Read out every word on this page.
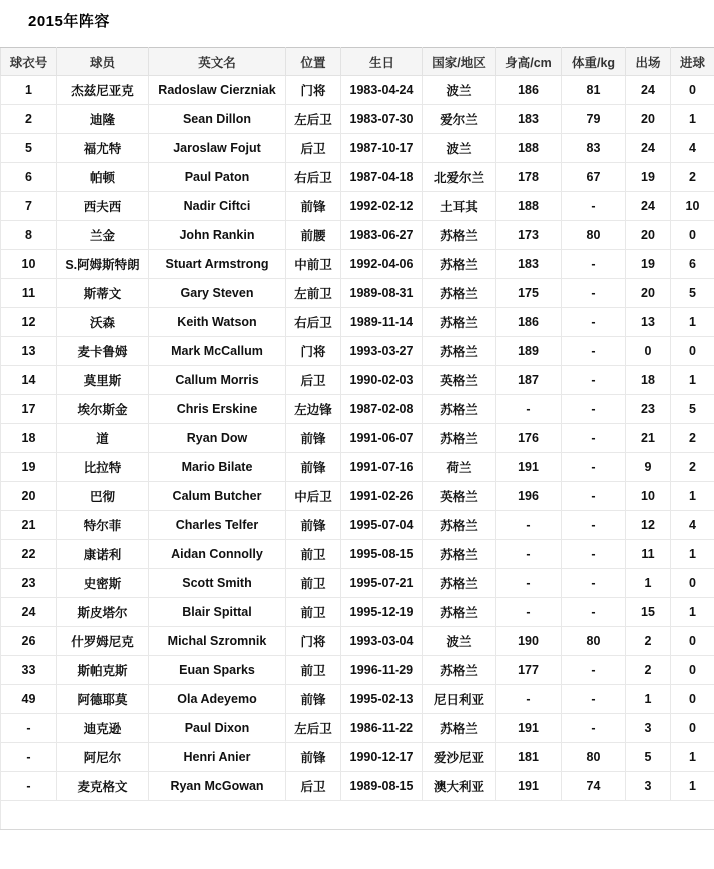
2015年阵容
球衣号	球员	英文名	位置	生日	国家/地区	身高/cm	体重/kg	出场	进球
1	杰兹尼亚克	Radoslaw Cierzniak	门将	1983-04-24	波兰	186	81	24	0
2	迪隆	Sean Dillon	左后卫	1983-07-30	爱尔兰	183	79	20	1
5	福尤特	Jaroslaw Fojut	后卫	1987-10-17	波兰	188	83	24	4
6	帕顿	Paul Paton	右后卫	1987-04-18	北爱尔兰	178	67	19	2
7	西夫西	Nadir Ciftci	前锋	1992-02-12	土耳其	188	-	24	10
8	兰金	John Rankin	前腰	1983-06-27	苏格兰	173	80	20	0
10	S.阿姆斯特朗	Stuart Armstrong	中前卫	1992-04-06	苏格兰	183	-	19	6
11	斯蒂文	Gary Steven	左前卫	1989-08-31	苏格兰	175	-	20	5
12	沃森	Keith Watson	右后卫	1989-11-14	苏格兰	186	-	13	1
13	麦卡鲁姆	Mark McCallum	门将	1993-03-27	苏格兰	189	-	0	0
14	莫里斯	Callum Morris	后卫	1990-02-03	英格兰	187	-	18	1
17	埃尔斯金	Chris Erskine	左边锋	1987-02-08	苏格兰	-	-	23	5
18	道	Ryan Dow	前锋	1991-06-07	苏格兰	176	-	21	2
19	比拉特	Mario Bilate	前锋	1991-07-16	荷兰	191	-	9	2
20	巴彻	Calum Butcher	中后卫	1991-02-26	英格兰	196	-	10	1
21	特尔菲	Charles Telfer	前锋	1995-07-04	苏格兰	-	-	12	4
22	康诺利	Aidan Connolly	前卫	1995-08-15	苏格兰	-	-	11	1
23	史密斯	Scott Smith	前卫	1995-07-21	苏格兰	-	-	1	0
24	斯皮塔尔	Blair Spittal	前卫	1995-12-19	苏格兰	-	-	15	1
26	什罗姆尼克	Michal Szromnik	门将	1993-03-04	波兰	190	80	2	0
33	斯帕克斯	Euan Sparks	前卫	1996-11-29	苏格兰	177	-	2	0
49	阿德耶莫	Ola Adeyemo	前锋	1995-02-13	尼日利亚	-	-	1	0
-	迪克逊	Paul Dixon	左后卫	1986-11-22	苏格兰	191	-	3	0
-	阿尼尔	Henri Anier	前锋	1990-12-17	爱沙尼亚	181	80	5	1
-	麦克格文	Ryan McGowan	后卫	1989-08-15	澳大利亚	191	74	3	1
